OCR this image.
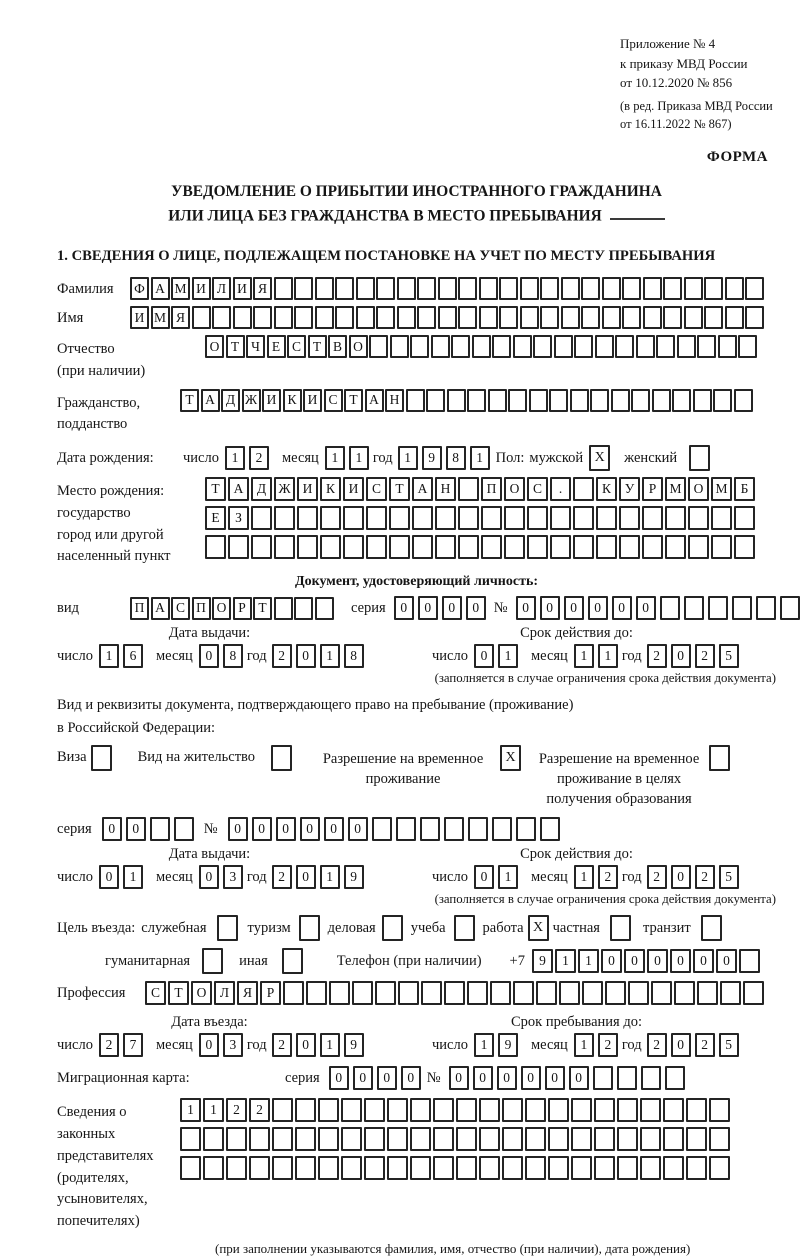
Приложение № 4
к приказу МВД России
от 10.12.2020 № 856
(в ред. Приказа МВД России
от 16.11.2022 № 867)
ФОРМА
УВЕДОМЛЕНИЕ О ПРИБЫТИИ ИНОСТРАННОГО ГРАЖДАНИНА
ИЛИ ЛИЦА БЕЗ ГРАЖДАНСТВА В МЕСТО ПРЕБЫВАНИЯ
1. СВЕДЕНИЯ О ЛИЦЕ, ПОДЛЕЖАЩЕМ ПОСТАНОВКЕ НА УЧЕТ ПО МЕСТУ ПРЕБЫВАНИЯ
Фамилия	Ф А М И Л И Я
Имя	И М Я
Отчество
(при наличии)
О Т Ч Е С Т В О
Гражданство,
подданство
Т А Д Ж И К И С Т А Н
Дата рождения:	число 1	2	месяц 1	1 год 1	9	8	1 Пол: мужской X	женский
Место рождения:
государство
город или другой
населенный пункт
Т	А	Д Ж И	К	И	С	Т	А Н	П О	С	.	К	У	Р М О М Б
Е	З
Документ, удостоверяющий личность:
вид	П А С П О Р Т	серия	0	0	0	0	№	0	0	0	0	0	0
Дата выдачи:
число 1	6	месяц 0	8 год 2	0	1	8
Срок действия до:
число 0	1	месяц 1	1 год 2	0	2	5
(заполняется в случае ограничения срока действия документа)
Вид и реквизиты документа, подтверждающего право на пребывание (проживание)
в Российской Федерации:
Виза	Вид на жительство	Разрешение на временное проживание
X	Разрешение на временное проживание в целях получения образования
серия	0	0	№	0	0	0	0	0	0
Дата выдачи:
число 0	1	месяц 0	3 год 2	0	1	9
Срок действия до:
число 0	1	месяц 1	2 год 2	0	2	5
(заполняется в случае ограничения срока действия документа)
Цель въезда: служебная	туризм	деловая учеба	работа X частная	транзит
гуманитарная	иная	Телефон (при наличии) +7	9	1	1	0	0	0	0	0	0
Профессия	С	Т	О	Л	Я	Р
Дата въезда:
число 2	7	месяц 0	3 год 2	0	1	9
Срок пребывания до:
число 1	9	месяц 1	2 год 2	0	2	5
Миграционная карта:	серия	0	0	0	0 №	0	0	0	0	0	0
Сведения о
законных
представителях
(родителях,
усыновителях,
попечителях)
1	1	2	2
(при заполнении указываются фамилия, имя, отчество (при наличии), дата рождения)
